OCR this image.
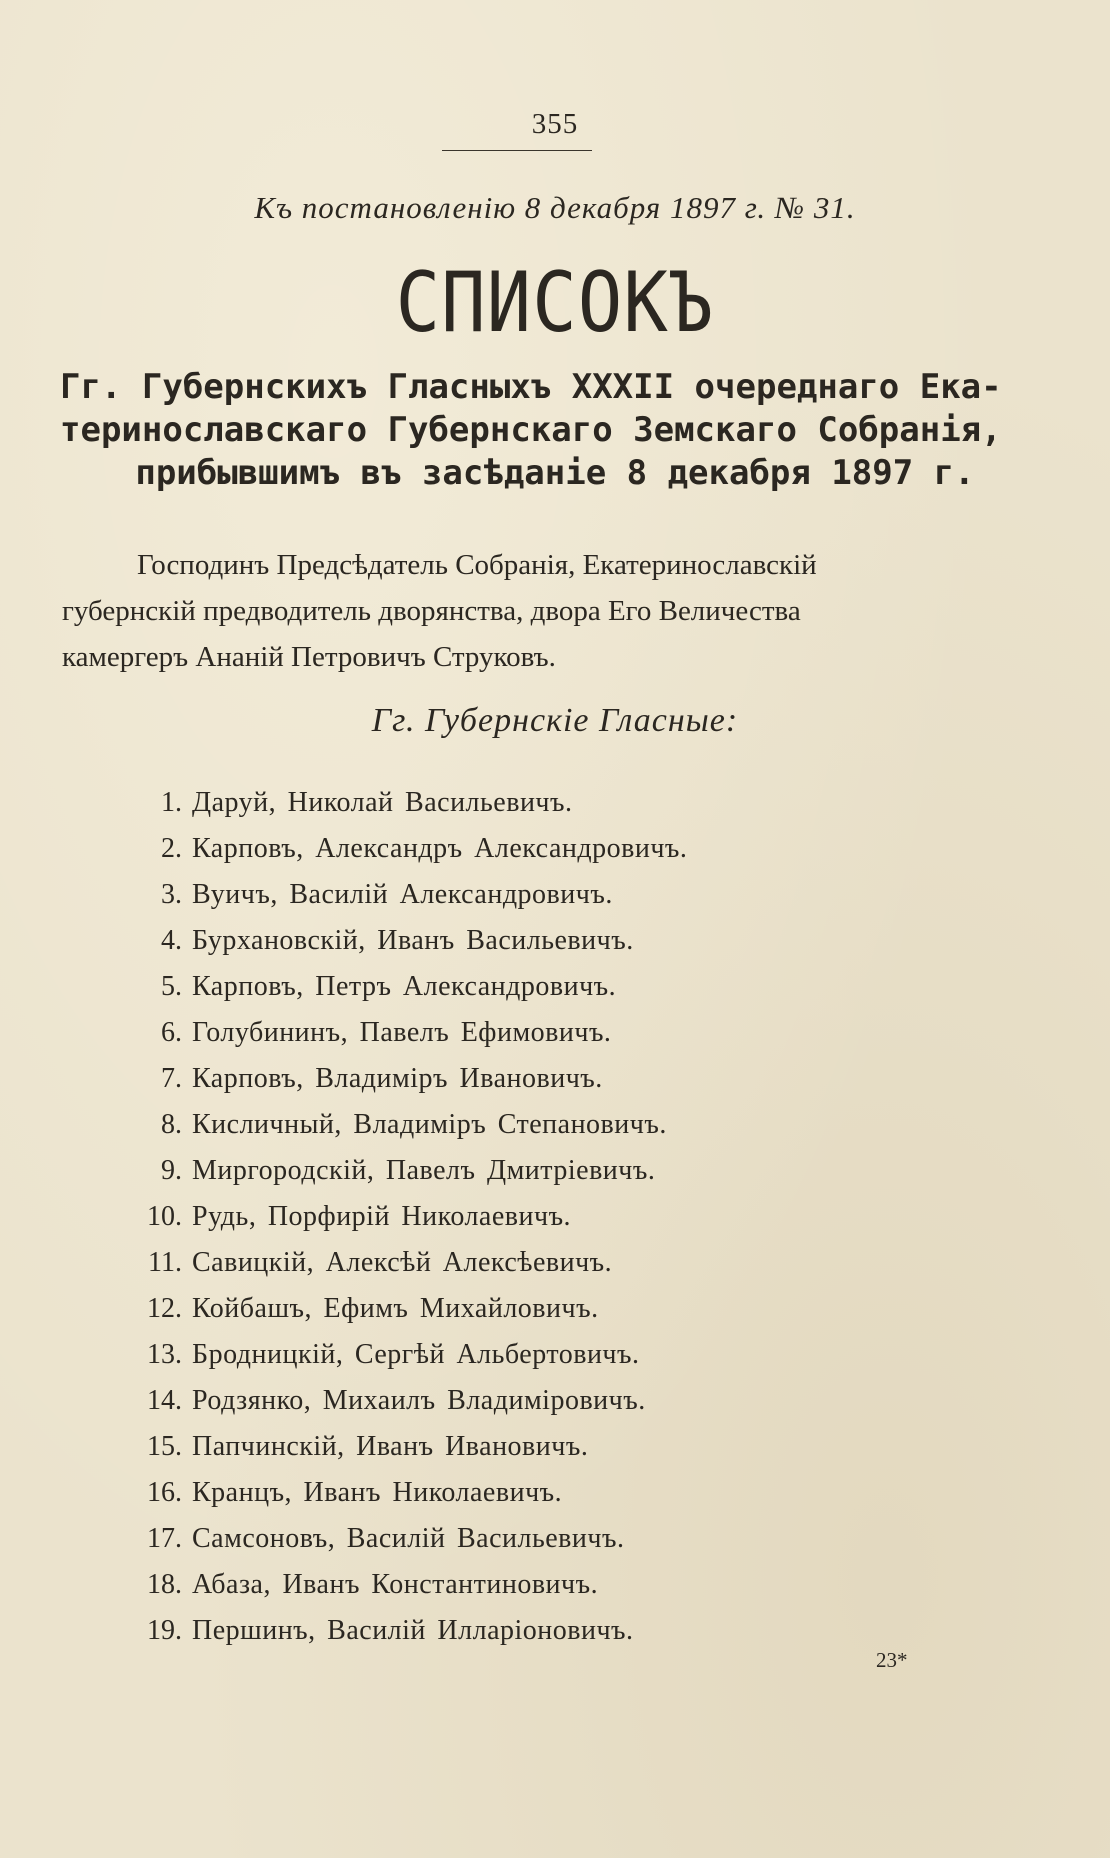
355
Къ постановленію 8 декабря 1897 г. № 31.
СПИСОКЪ
Гг. Губернскихъ Гласныхъ XXXII очереднаго Ека-
теринославскаго Губернскаго Земскаго Собранія,
прибывшимъ въ засѣданіе 8 декабря 1897 г.
Господинъ Предсѣдатель Собранія, Екатеринославскій
губернскій предводитель дворянства, двора Его Величества
камергеръ Ананій Петровичъ Струковъ.
Гг. Губернскіе Гласные:
1. Даруй, Николай Васильевичъ.
2. Карповъ, Александръ Александровичъ.
3. Вуичъ, Василій Александровичъ.
4. Бурхановскій, Иванъ Васильевичъ.
5. Карповъ, Петръ Александровичъ.
6. Голубининъ, Павелъ Ефимовичъ.
7. Карповъ, Владиміръ Ивановичъ.
8. Кисличный, Владиміръ Степановичъ.
9. Миргородскій, Павелъ Дмитріевичъ.
10. Рудь, Порфирій Николаевичъ.
11. Савицкій, Алексѣй Алексѣевичъ.
12. Койбашъ, Ефимъ Михайловичъ.
13. Бродницкій, Сергѣй Альбертовичъ.
14. Родзянко, Михаилъ Владиміровичъ.
15. Папчинскій, Иванъ Ивановичъ.
16. Кранцъ, Иванъ Николаевичъ.
17. Самсоновъ, Василій Васильевичъ.
18. Абаза, Иванъ Константиновичъ.
19. Першинъ, Василій Илларіоновичъ.
23*
